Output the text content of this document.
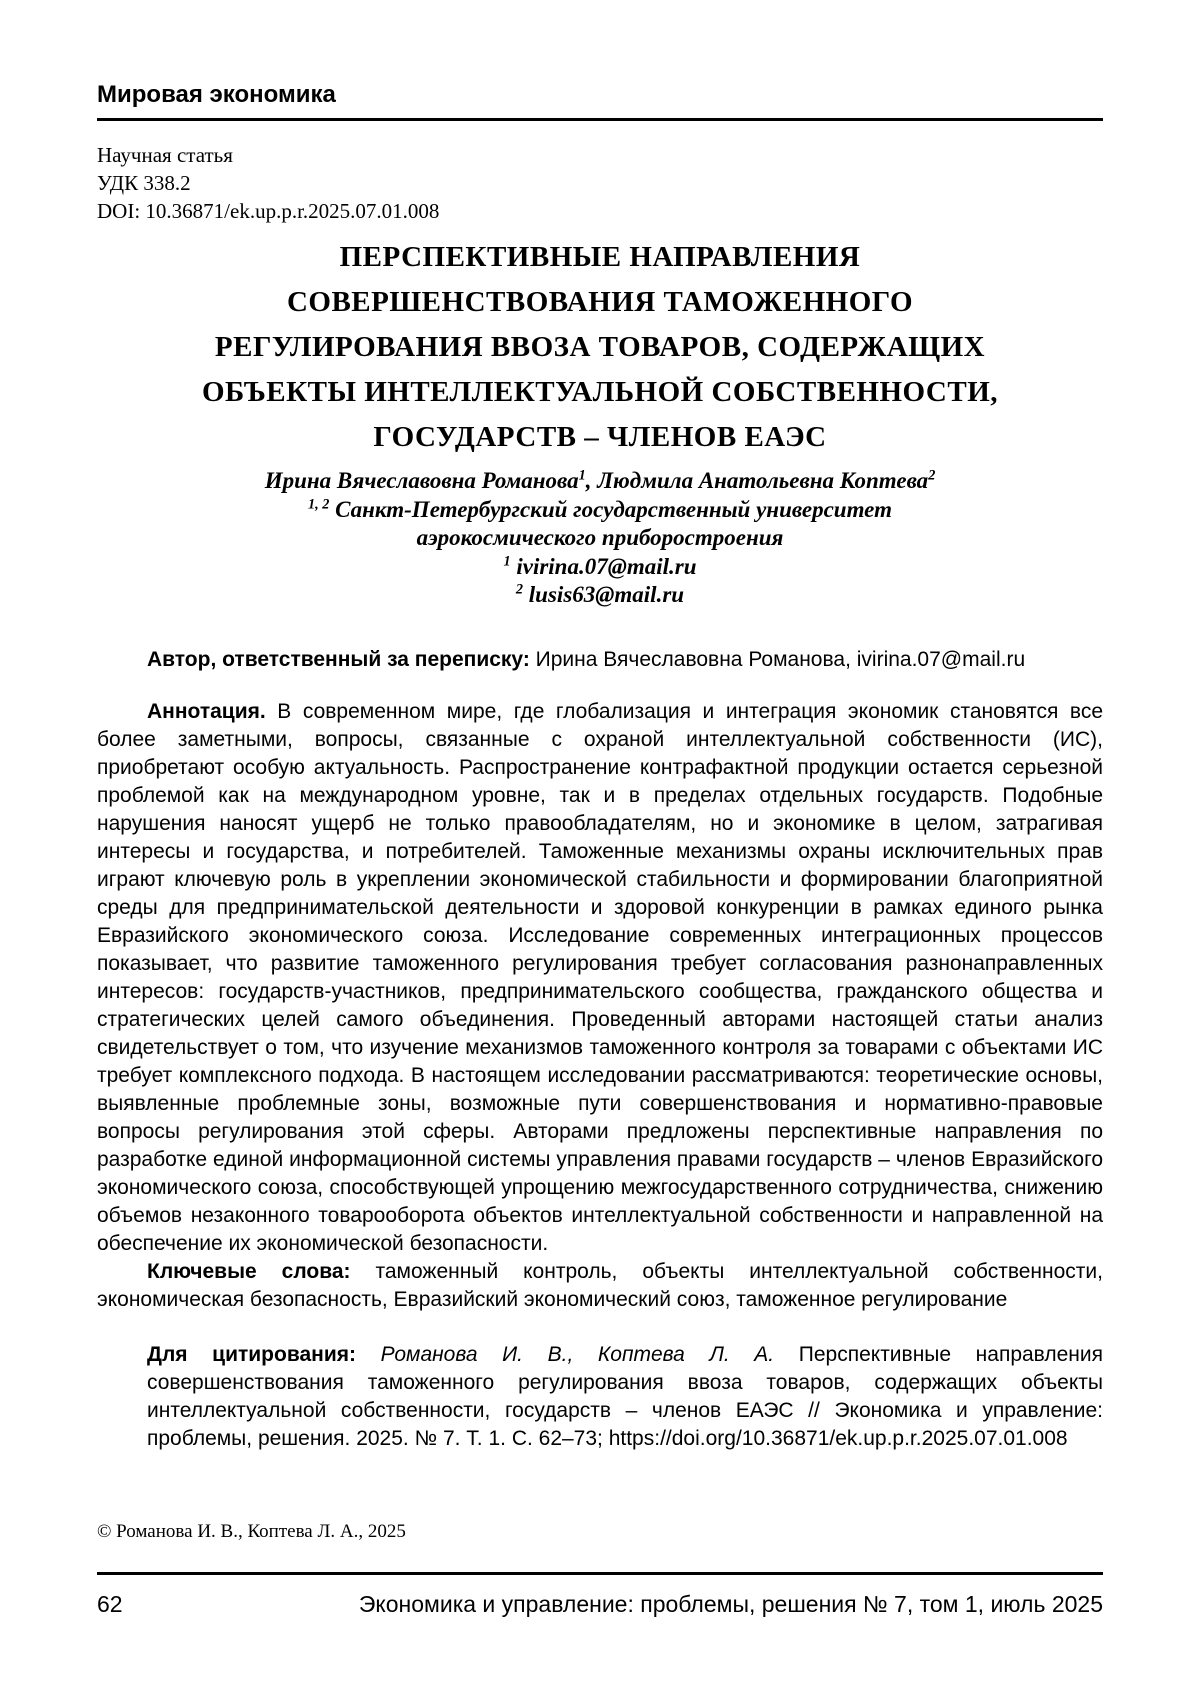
Мировая экономика
Научная статья
УДК 338.2
DOI: 10.36871/ek.up.p.r.2025.07.01.008
ПЕРСПЕКТИВНЫЕ НАПРАВЛЕНИЯ
СОВЕРШЕНСТВОВАНИЯ ТАМОЖЕННОГО
РЕГУЛИРОВАНИЯ ВВОЗА ТОВАРОВ, СОДЕРЖАЩИХ
ОБЪЕКТЫ ИНТЕЛЛЕКТУАЛЬНОЙ СОБСТВЕННОСТИ,
ГОСУДАРСТВ – ЧЛЕНОВ ЕАЭС
Ирина Вячеславовна Романова$^1$, Людмила Анатольевна Коптева$^2$
$^{1, 2}$ Санкт-Петербургский государственный университет
аэрокосмического приборостроения
$^1$ ivirina.07@mail.ru
$^2$ lusis63@mail.ru

Автор, ответственный за переписку: Ирина Вячеславовна Романова, ivirina.07@mail.ru

Аннотация. В современном мире, где глобализация и интеграция экономик становятся все более заметными, вопросы, связанные с охраной интеллектуальной собственности (ИС), приобретают особую актуальность. Распространение контрафактной продукции остается серьезной проблемой как на международном уровне, так и в пределах отдельных государств. Подобные нарушения наносят ущерб не только правообладателям, но и экономике в целом, затрагивая интересы и государства, и потребителей. Таможенные механизмы охраны исключительных прав играют ключевую роль в укреплении экономической стабильности и формировании благоприятной среды для предпринимательской деятельности и здоровой конкуренции в рамках единого рынка Евразийского экономического союза. Исследование современных интеграционных процессов показывает, что развитие таможенного регулирования требует согласования разнонаправленных интересов: государств-участников, предпринимательского сообщества, гражданского общества и стратегических целей самого объединения. Проведенный авторами настоящей статьи анализ свидетельствует о том, что изучение механизмов таможенного контроля за товарами с объектами ИС требует комплексного подхода. В настоящем исследовании рассматриваются: теоретические основы, выявленные проблемные зоны, возможные пути совершенствования и нормативно-правовые вопросы регулирования этой сферы. Авторами предложены перспективные направления по разработке единой информационной системы управления правами государств – членов Евразийского экономического союза, способствующей упрощению межгосударственного сотрудничества, снижению объемов незаконного товарооборота объектов интеллектуальной собственности и направленной на обеспечение их экономической безопасности.

Ключевые слова: таможенный контроль, объекты интеллектуальной собственности, экономическая безопасность, Евразийский экономический союз, таможенное регулирование

Для цитирования: Романова И. В., Коптева Л. А. Перспективные направления совершенствования таможенного регулирования ввоза товаров, содержащих объекты интеллектуальной собственности, государств – членов ЕАЭС // Экономика и управление: проблемы, решения. 2025. № 7. Т. 1. С. 62–73; https://doi.org/10.36871/ek.up.p.r.2025.07.01.008

© Романова И. В., Коптева Л. А., 2025
62	Экономика и управление: проблемы, решения № 7, том 1, июль 2025
